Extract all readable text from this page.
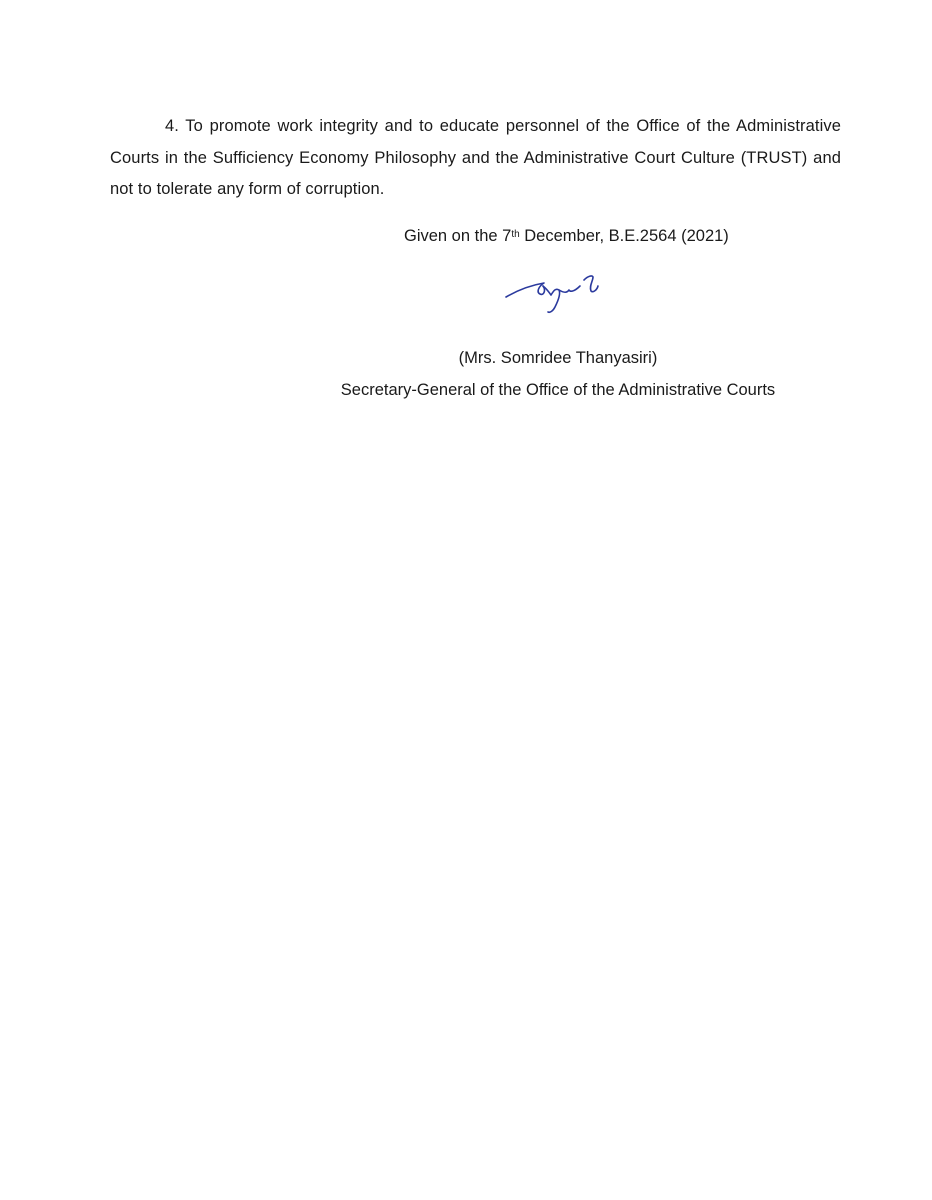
4. To promote work integrity and to educate personnel of the Office of the Administrative Courts in the Sufficiency Economy Philosophy and the Administrative Court Culture (TRUST) and not to tolerate any form of corruption.

Given on the 7th December, B.E.2564 (2021)

(Mrs. Somridee Thanyasiri)

Secretary-General of the Office of the Administrative Courts
